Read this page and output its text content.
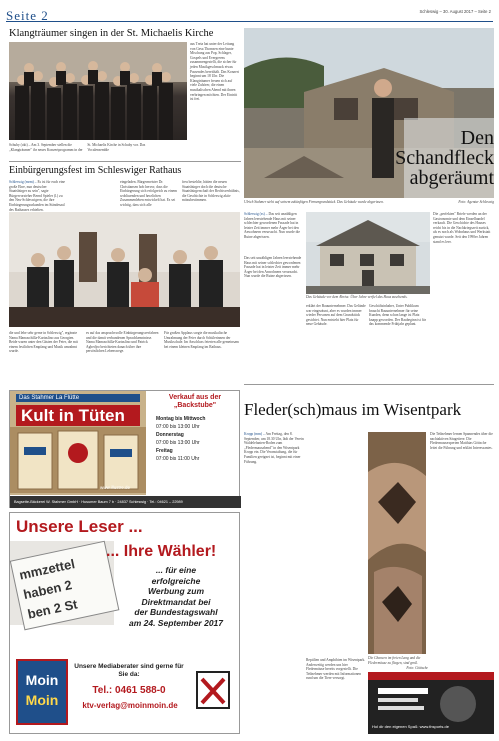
Seite 2	Schleswig – 30. August 2017 – Seite 2
Klangträumer singen in der St. Michaelis Kirche
aus Treia hat unter der Leitung von Gesa Thomsen eine bunte Mischung aus Pop, Schlager, Gospels und Evergreens zusammengestellt, die sicher für jeden Musikgeschmack etwas Passendes bereithält. Das Konzert beginnt um 18 Uhr. Die Klangträumer freuen sich auf viele Zuhörer, die einen musikalischen Abend mit ihnen verbringen möchten. Der Eintritt ist frei.
Schuby (okt) – Am 3. September stellen die „Klangträumer" ihr neues Konzertprogramm in der St. Michaelis Kirche in Schuby vor. Das Vocalensemble
Einbürgerungsfest im Schleswiger Rathaus
Schleswig (mrm) – Es ist für euch eine große Ehre, nun deutscher Staatsbürger zu sein", sagte Bürgervorsteher Bernd Spieler (l.) zu den Neu-Schleswigern, die ihre Einbürgerungsurkunden im Ständesaal des Rathauses erhielten.
eingeladen. Bürgermeister Dr. Christiansen hob hervor, dass die Einbürgerung sich erfolgreich zu einem wohltuenden und herzlichen Zusammenleben entwickelt hat. Es sei wichtig, dass sich alle
freu bestehlte, hätten die neuen Staatsbürger doch die deutsche Staatsbürgerschaft der Rechtsverhältnis, die Geschichte in Schleswig aktiv mitzubestimmen.
die und lebe sehr gerne in Schleswig", ergänzte Nama Mamaschilla-Kurtaslino aus Georgien. Beide waren unter den Gästen der Feier, die mit einem festlichen Empfang und Musik umrahmt wurde.
es auf das anspruchsvolle Einbürgerungsverfahren und die damit verbundenen Sprachkenntnisse. Nama Mamaschilla-Kurtaslino und Patrick Agbedjro berichteten danach über ihre persönlichen Lebenswege.
Für großen Applaus sorgte die musikalische Umrahmung der Feier durch Schülerinnen der Musikschule. Im Anschluss feierten alle gemeinsam bei einem kleinen Empfang im Rathaus.
Das Stahmer La Flütte
Kult in Tüten
www.illustre.de
Verkauf aus der „Backstube"
Montag bis Mittwoch
07:00 bis 13:00 Uhr
Donnerstag
07:00 bis 13:00 Uhr
Freitag
07:00 bis 11:00 Uhr
Bagsette-Bäckerei W. Stahmer GmbH · Husumer Baum 7 b · 24837 Schleswig · Tel.: 04621 – 22989
Unsere Leser ...
mmzettel
haben 2
ben 2 St
... Ihre Wähler!
... für eine
erfolgreiche
Werbung zum
Direktmandat bei
der Bundestagswahl
am 24. September 2017
Moin
Moin
Unsere Mediaberater sind gerne für Sie da:
Tel.: 0461 588-0
ktv-verlag@moinmoin.de
Den
Schandfleck
abgeräumt
Ulrich Stahmer steht auf seinem zukünftigen Firmengrundstück. Das Gebäude wurde abgerissen.	Foto: Agentur Schleswig
Schleswig (ss) – Das seit unzähligen Jahren leerstehende Haus mit seiner schlechter gewordenen Fassade hat in letzter Zeit immer mehr Ärger bei den Anwohnern verursacht. Nun wurde die Ruine abgerissen.
Das Gebäude vor dem Abriss: Über Jahre verfiel das Haus zusehends.
Das seit unzähligen Jahren leerstehende Haus mit seiner schlechter gewordenen Fassade hat in letzter Zeit immer mehr Ärger bei den Anwohnern verursacht. Nun wurde die Ruine abgerissen.
erklärt der Bauunternehmer. Das Gelände war eingezäunt, aber es wurden immer wieder Personen auf dem Grundstück gesichtet. Nun entsteht hier Platz für neue Gebäude.
Geschäftsinhaber, Unter Publikum braucht Bauunternehmer für seine Kunden, denn schon lange ist Platz knapp geworden. Der Baubeginn ist für das kommende Frühjahr geplant.
Die „perfekten" Briefe werden an der Gastronomie und dem Einzelhandel verkauft. Die Geschichte des Hauses reicht bis in die Nachkriegszeit zurück, als es noch als Wohnhaus und Werkstatt genutzt wurde. Seit den 1990er Jahren stand es leer.
Fleder(sch)maus im Wisentpark
Kropp (mm) – Am Freitag, den 8. September, um 18.30 Uhr, lädt der Verein Waldelefanten-Boden zum „Fledermausabend" in den Wisentpark Kropp ein. Die Veranstaltung, die für Familien geeignet ist, beginnt mit einer Führung.
Reptilien und Amphibien im Wisentpark. Anderweitig werden uns hier Fledermäuse bereits vorgestellt. Die Teilnehmer werden mit Informationen rund um die Tiere versorgt.
Die Chancen im freien Lang und die Fledermäuse zu fliegen, sind groß.
Foto: Göttsche
Die Teilnehmer lernen Spannendes über die nachtaktiven Säugetiere. Die Fledermausexperten Matthias Göttsche leitet die Führung und erklärt Interessantes.
Hol dir den eigenen Spaß: www.thsports.de
